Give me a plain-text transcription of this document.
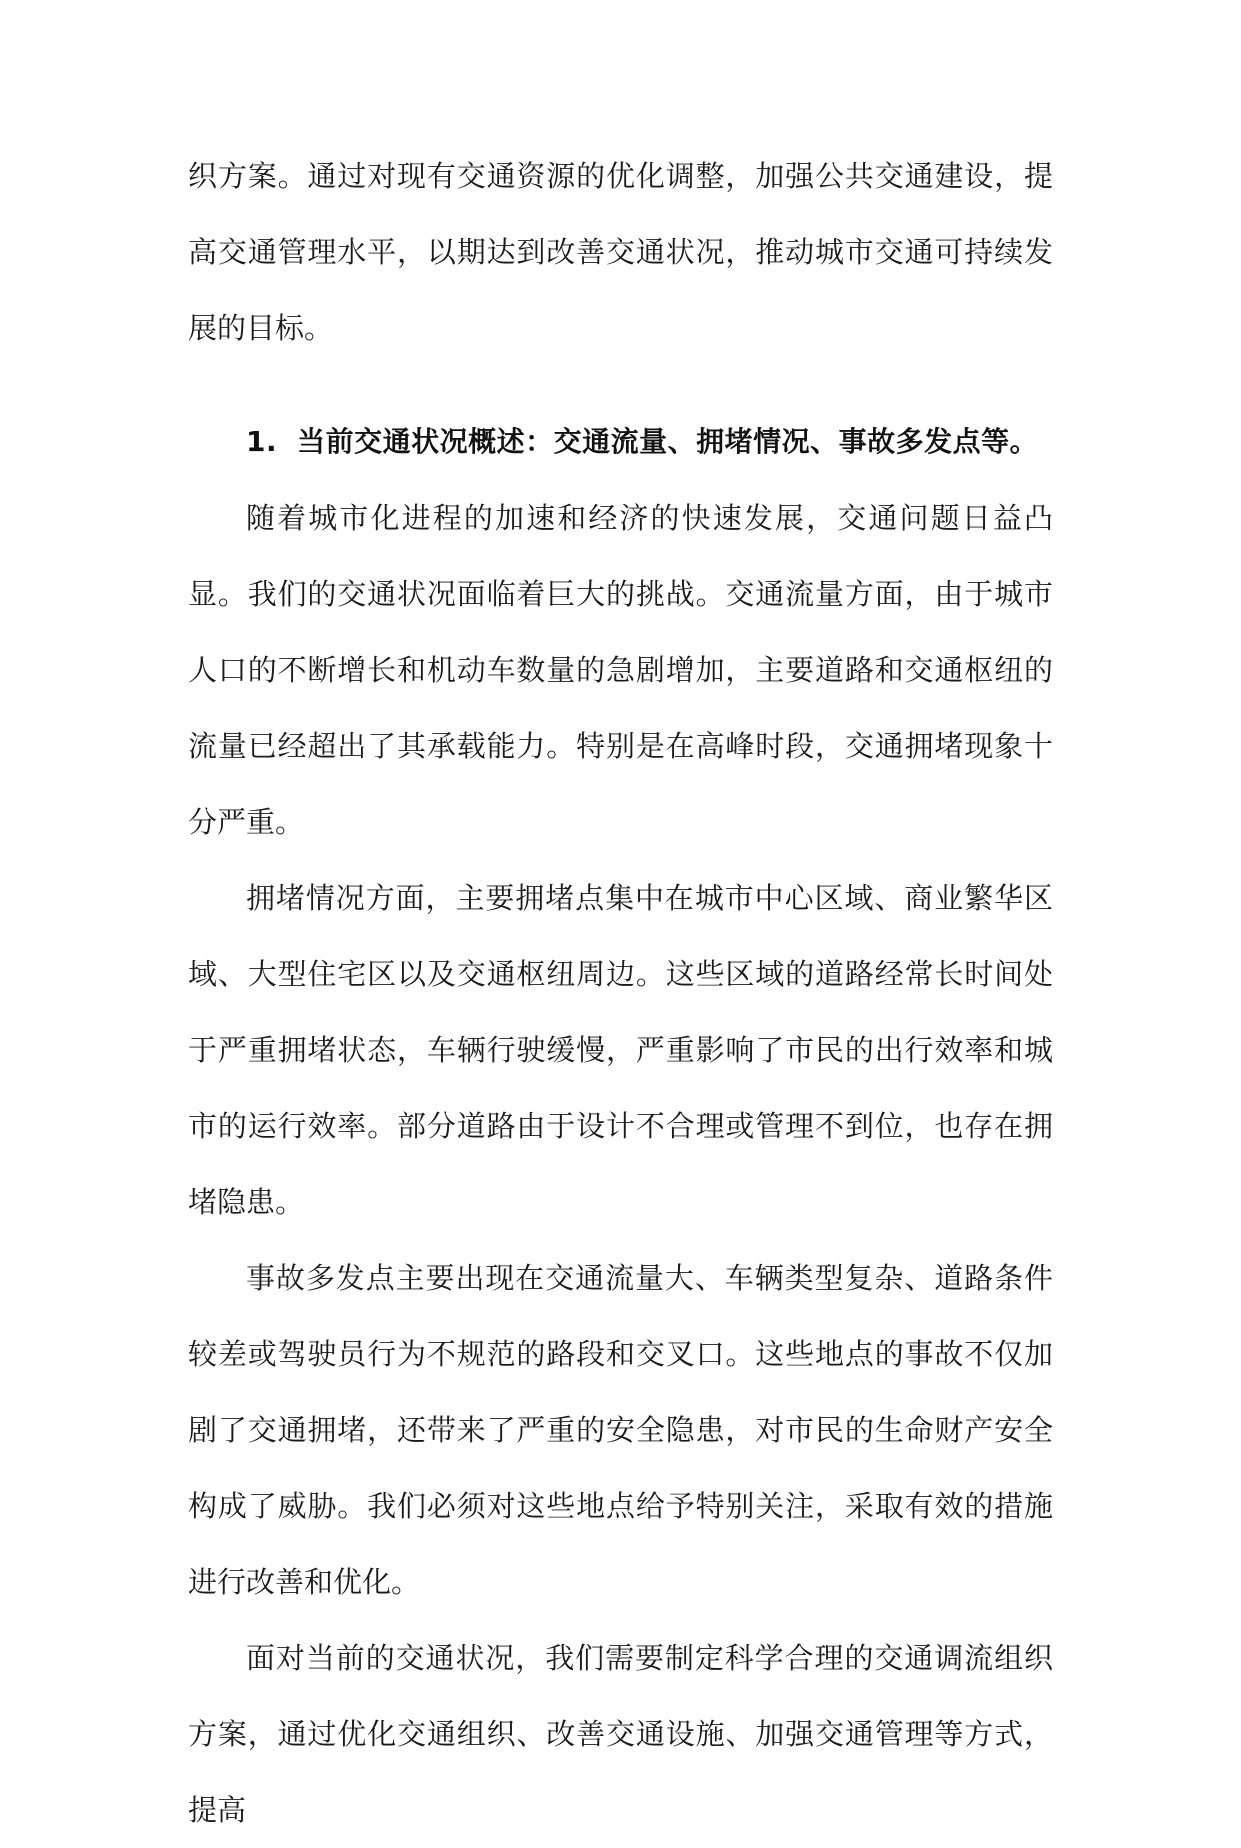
织方案。通过对现有交通资源的优化调整，加强公共交通建设，提高交通管理水平，以期达到改善交通状况，推动城市交通可持续发展的目标。

1. 当前交通状况概述：交通流量、拥堵情况、事故多发点等。

随着城市化进程的加速和经济的快速发展，交通问题日益凸显。我们的交通状况面临着巨大的挑战。交通流量方面，由于城市人口的不断增长和机动车数量的急剧增加，主要道路和交通枢纽的流量已经超出了其承载能力。特别是在高峰时段，交通拥堵现象十分严重。

拥堵情况方面，主要拥堵点集中在城市中心区域、商业繁华区域、大型住宅区以及交通枢纽周边。这些区域的道路经常长时间处于严重拥堵状态，车辆行驶缓慢，严重影响了市民的出行效率和城市的运行效率。部分道路由于设计不合理或管理不到位，也存在拥堵隐患。

事故多发点主要出现在交通流量大、车辆类型复杂、道路条件较差或驾驶员行为不规范的路段和交叉口。这些地点的事故不仅加剧了交通拥堵，还带来了严重的安全隐患，对市民的生命财产安全构成了威胁。我们必须对这些地点给予特别关注，采取有效的措施进行改善和优化。

面对当前的交通状况，我们需要制定科学合理的交通调流组织方案，通过优化交通组织、改善交通设施、加强交通管理等方式，提高
